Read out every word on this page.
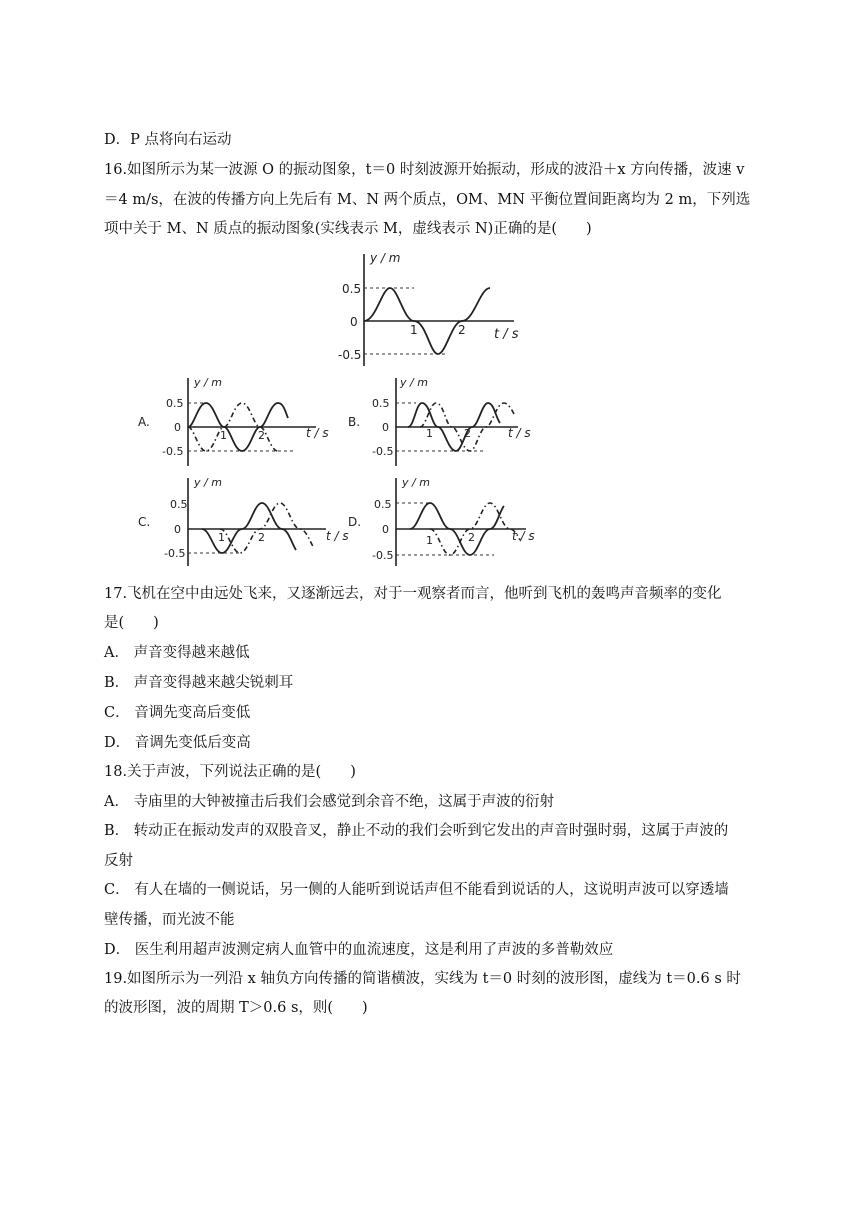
D．P 点将向右运动
16.如图所示为某一波源 O 的振动图象，t＝0 时刻波源开始振动，形成的波沿＋x 方向传播，波速 v
＝4 m/s，在波的传播方向上先后有 M、N 两个质点，OM、MN 平衡位置间距离均为 2 m，下列选
项中关于 M、N 质点的振动图象(实线表示 M，虚线表示 N)正确的是(　　)
y / m
0.5
0
-0.5
1	2 t / s
A.
y / m
0.5
0
-0.5
1	2	t / s
B.
y / m
0.5
0
-0.5
1	2	t / s
C.
y / m
0.5
0
-0.5
1	2	t / s
D.
y / m
0.5
0
-0.5
1	2	t / s
17.飞机在空中由远处飞来，又逐渐远去，对于一观察者而言，他听到飞机的轰鸣声音频率的变化
是(　　)
A． 声音变得越来越低
B． 声音变得越来越尖锐刺耳
C． 音调先变高后变低
D． 音调先变低后变高
18.关于声波，下列说法正确的是(　　)
A． 寺庙里的大钟被撞击后我们会感觉到余音不绝，这属于声波的衍射
B． 转动正在振动发声的双股音叉，静止不动的我们会听到它发出的声音时强时弱，这属于声波的
反射
C． 有人在墙的一侧说话，另一侧的人能听到说话声但不能看到说话的人，这说明声波可以穿透墙
壁传播，而光波不能
D． 医生利用超声波测定病人血管中的血流速度，这是利用了声波的多普勒效应
19.如图所示为一列沿 x 轴负方向传播的简谐横波，实线为 t＝0 时刻的波形图，虚线为 t＝0.6 s 时
的波形图，波的周期 T＞0.6 s，则(　　)
